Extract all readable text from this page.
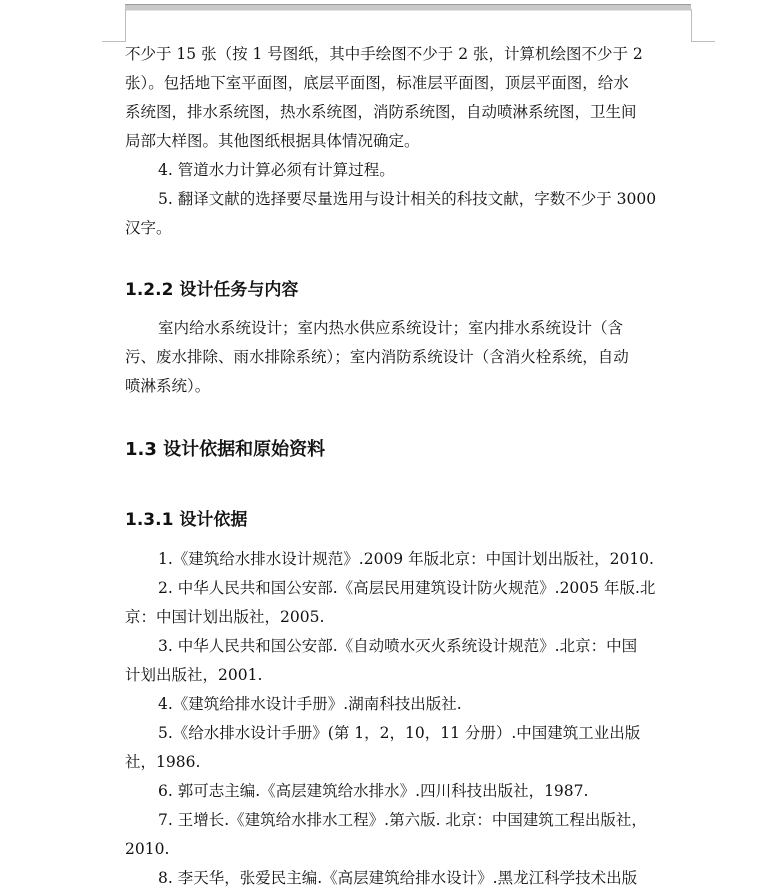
不少于 15 张（按 1 号图纸，其中手绘图不少于 2 张，计算机绘图不少于 2

张）。包括地下室平面图，底层平面图，标准层平面图，顶层平面图，给水

系统图，排水系统图，热水系统图，消防系统图，自动喷淋系统图，卫生间

局部大样图。其他图纸根据具体情况确定。

4. 管道水力计算必须有计算过程。

5. 翻译文献的选择要尽量选用与设计相关的科技文献，字数不少于 3000

汉字。

1.2.2 设计任务与内容

室内给水系统设计；室内热水供应系统设计；室内排水系统设计（含

污、废水排除、雨水排除系统）；室内消防系统设计（含消火栓系统，自动

喷淋系统）。

1.3 设计依据和原始资料
1.3.1 设计依据

1.《建筑给水排水设计规范》.2009 年版北京：中国计划出版社，2010.

2. 中华人民共和国公安部.《高层民用建筑设计防火规范》.2005 年版.北

京：中国计划出版社，2005.

3. 中华人民共和国公安部.《自动喷水灭火系统设计规范》.北京：中国

计划出版社，2001.

4.《建筑给排水设计手册》.湖南科技出版社.

5.《给水排水设计手册》(第 1，2，10，11 分册）.中国建筑工业出版

社，1986.

6. 郭可志主编.《高层建筑给水排水》.四川科技出版社，1987.

7. 王增长.《建筑给水排水工程》.第六版. 北京：中国建筑工程出版社，

2010.

8. 李天华，张爱民主编.《高层建筑给排水设计》.黑龙江科学技术出版
